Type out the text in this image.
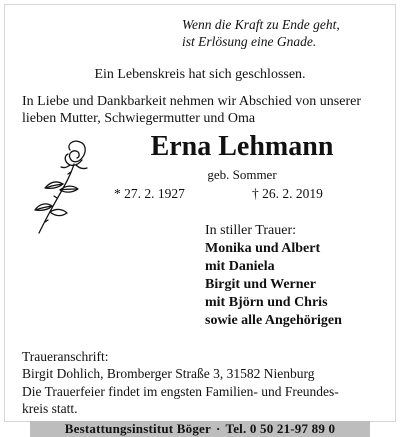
Wenn die Kraft zu Ende geht,
ist Erlösung eine Gnade.
Ein Lebenskreis hat sich geschlossen.
In Liebe und Dankbarkeit nehmen wir Abschied von unserer
lieben Mutter, Schwiegermutter und Oma
Erna Lehmann
geb. Sommer
* 27. 2. 1927	† 26. 2. 2019
In stiller Trauer:
Monika und Albert
mit Daniela
Birgit und Werner
mit Björn und Chris
sowie alle Angehörigen
Traueranschrift:
Birgit Dohlich, Bromberger Straße 3, 31582 Nienburg
Die Trauerfeier findet im engsten Familien- und Freundes-
kreis statt.
Bestattungsinstitut Böger · Tel. 0 50 21-97 89 0
